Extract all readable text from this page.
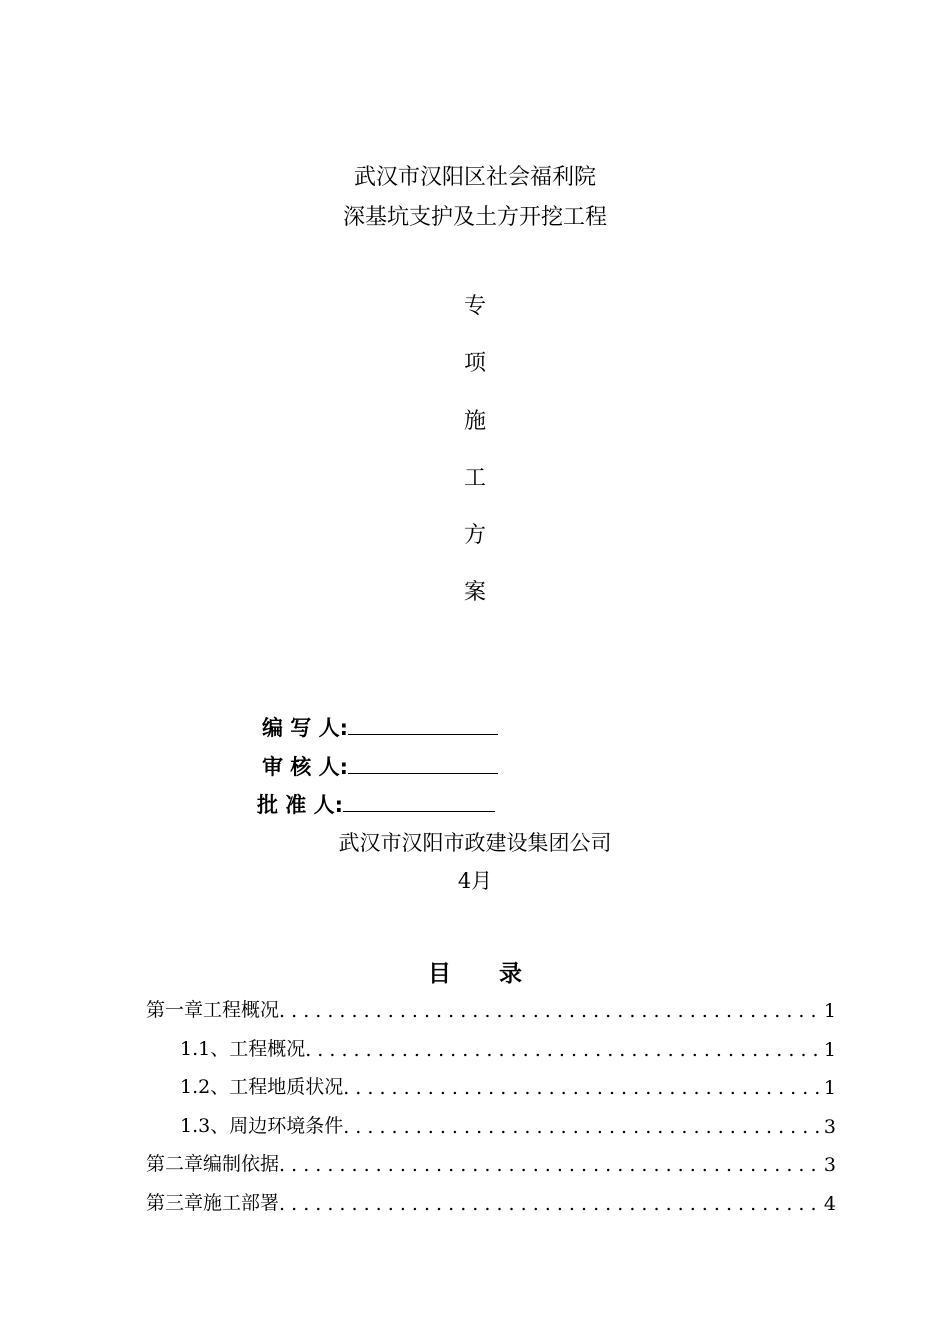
武汉市汉阳区社会福利院
深基坑支护及土方开挖工程
专
项
施
工
方
案
编 写 人:
审 核 人:
批 准 人:
武汉市汉阳市政建设集团公司
4月
目      录
第一章 工程概况 . . .	1
1.1、工程概况 . . .	1
1.2、工程地质状况 . . .	1
1.3、周边环境条件 . . .	3
第二章 编制依据 . . .	3
第三章 施工部署 . . .	4
